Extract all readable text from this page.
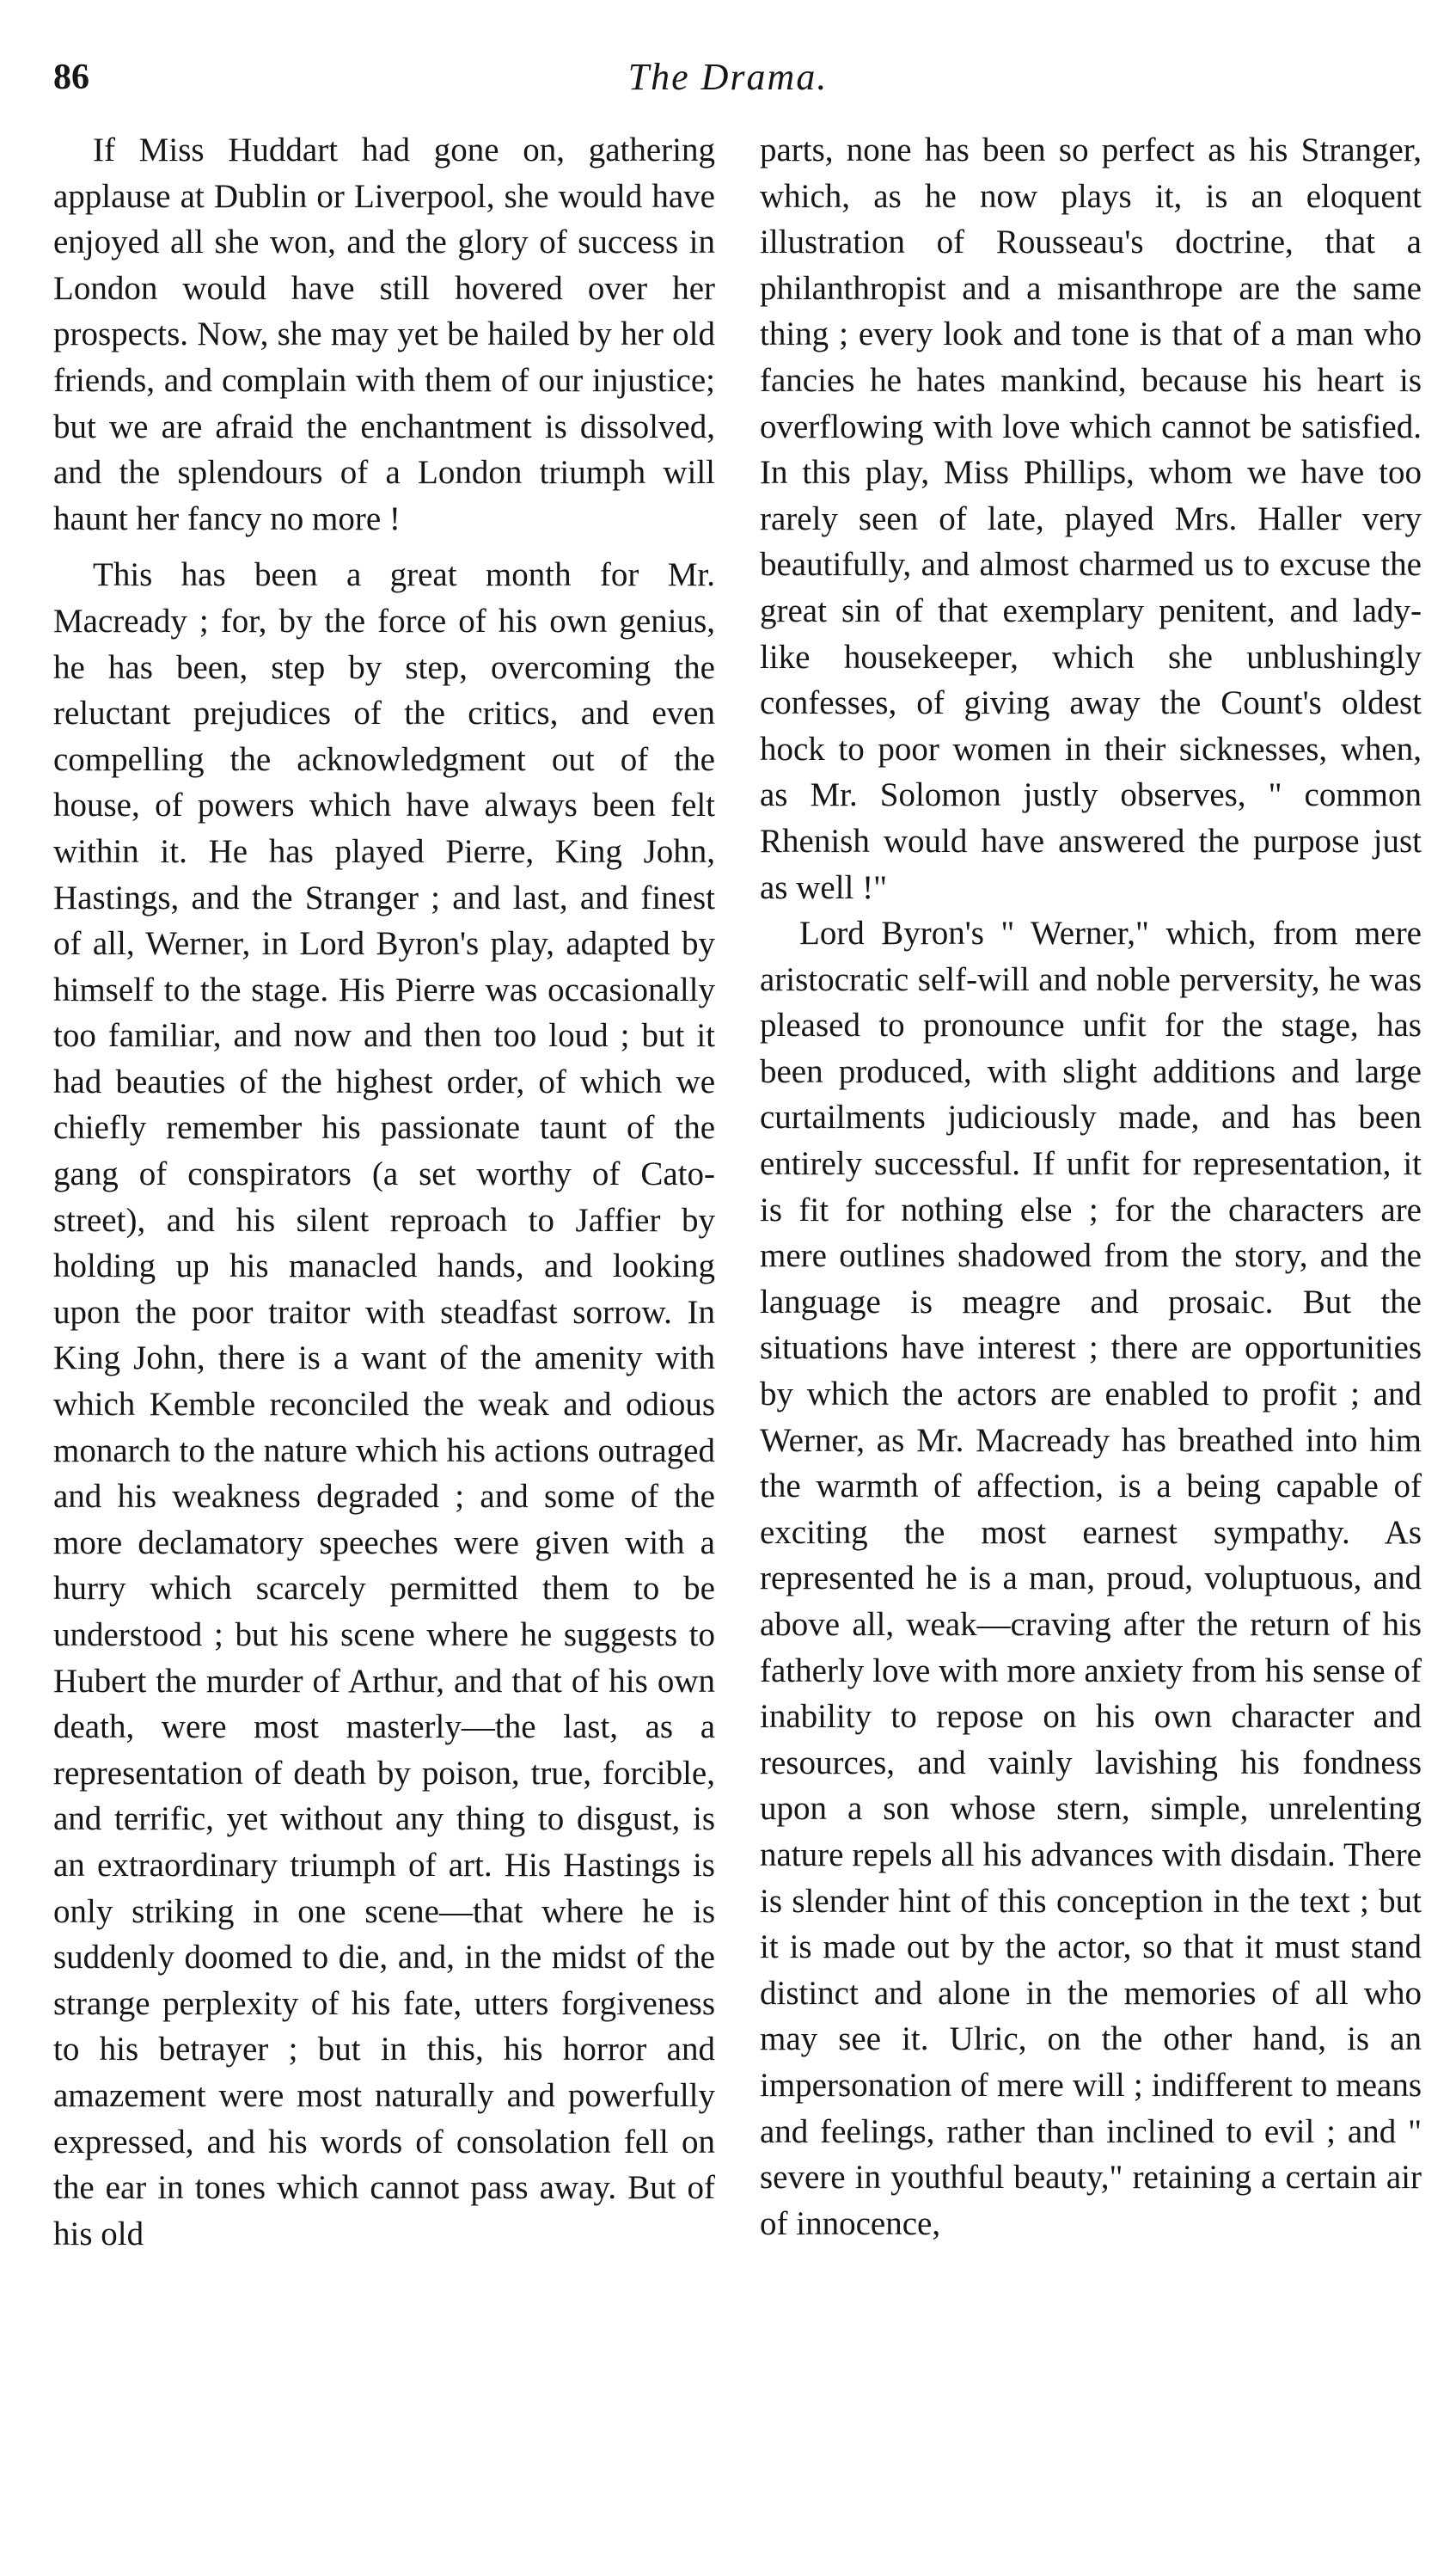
86	The Drama.

If Miss Huddart had gone on, gathering applause at Dublin or Liverpool, she would have enjoyed all she won, and the glory of success in London would have still hovered over her prospects. Now, she may yet be hailed by her old friends, and complain with them of our injustice; but we are afraid the enchantment is dissolved, and the splendours of a London triumph will haunt her fancy no more !

This has been a great month for Mr. Macready ; for, by the force of his own genius, he has been, step by step, overcoming the reluctant prejudices of the critics, and even compelling the acknowledgment out of the house, of powers which have always been felt within it. He has played Pierre, King John, Hastings, and the Stranger ; and last, and finest of all, Werner, in Lord Byron's play, adapted by himself to the stage. His Pierre was occasionally too familiar, and now and then too loud ; but it had beauties of the highest order, of which we chiefly remember his passionate taunt of the gang of conspirators (a set worthy of Cato-street), and his silent reproach to Jaffier by holding up his manacled hands, and looking upon the poor traitor with steadfast sorrow. In King John, there is a want of the amenity with which Kemble reconciled the weak and odious monarch to the nature which his actions outraged and his weakness degraded ; and some of the more declamatory speeches were given with a hurry which scarcely permitted them to be understood ; but his scene where he suggests to Hubert the murder of Arthur, and that of his own death, were most masterly—the last, as a representation of death by poison, true, forcible, and terrific, yet without any thing to disgust, is an extraordinary triumph of art. His Hastings is only striking in one scene—that where he is suddenly doomed to die, and, in the midst of the strange perplexity of his fate, utters forgiveness to his betrayer ; but in this, his horror and amazement were most naturally and powerfully expressed, and his words of consolation fell on the ear in tones which cannot pass away. But of his old

parts, none has been so perfect as his Stranger, which, as he now plays it, is an eloquent illustration of Rousseau's doctrine, that a philanthropist and a misanthrope are the same thing ; every look and tone is that of a man who fancies he hates mankind, because his heart is overflowing with love which cannot be satisfied. In this play, Miss Phillips, whom we have too rarely seen of late, played Mrs. Haller very beautifully, and almost charmed us to excuse the great sin of that exemplary penitent, and lady-like housekeeper, which she unblushingly confesses, of giving away the Count's oldest hock to poor women in their sicknesses, when, as Mr. Solomon justly observes, " common Rhenish would have answered the purpose just as well !"

Lord Byron's " Werner," which, from mere aristocratic self-will and noble perversity, he was pleased to pronounce unfit for the stage, has been produced, with slight additions and large curtailments judiciously made, and has been entirely successful. If unfit for representation, it is fit for nothing else ; for the characters are mere outlines shadowed from the story, and the language is meagre and prosaic. But the situations have interest ; there are opportunities by which the actors are enabled to profit ; and Werner, as Mr. Macready has breathed into him the warmth of affection, is a being capable of exciting the most earnest sympathy. As represented he is a man, proud, voluptuous, and above all, weak—craving after the return of his fatherly love with more anxiety from his sense of inability to repose on his own character and resources, and vainly lavishing his fondness upon a son whose stern, simple, unrelenting nature repels all his advances with disdain. There is slender hint of this conception in the text ; but it is made out by the actor, so that it must stand distinct and alone in the memories of all who may see it. Ulric, on the other hand, is an impersonation of mere will ; indifferent to means and feelings, rather than inclined to evil ; and " severe in youthful beauty," retaining a certain air of innocence,
